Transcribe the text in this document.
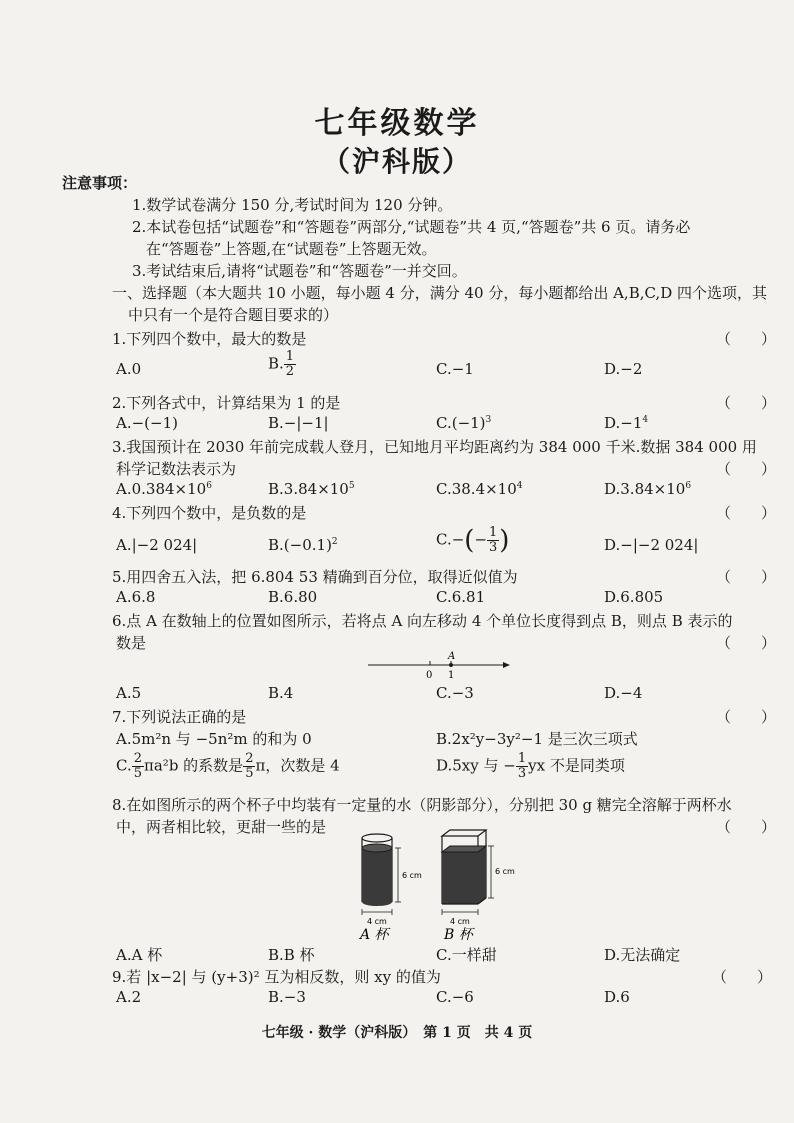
七年级数学
（沪科版）
注意事项：
1.数学试卷满分 150 分,考试时间为 120 分钟。
2.本试卷包括“试题卷”和“答题卷”两部分,“试题卷”共 4 页,“答题卷”共 6 页。请务必
在“答题卷”上答题,在“试题卷”上答题无效。
3.考试结束后,请将“试题卷”和“答题卷”一并交回。
一、选择题（本大题共 10 小题，每小题 4 分，满分 40 分，每小题都给出 A,B,C,D 四个选项，其
中只有一个是符合题目要求的）
1.下列四个数中，最大的数是	（　　）
A.0	B. $\frac{1}{2}$	C.−1	D.−2
2.下列各式中，计算结果为 1 的是	（　　）
A.−(−1)	B.−|−1|	$C.(-1)^3$	$D.-1^4$
3.我国预计在 2030 年前完成载人登月，已知地月平均距离约为 384 000 千米.数据 384 000 用
科学记数法表示为	（　　）
$A.0.384\times 10^6$	$B.3.84\times 10^5$	$C.38.4\times 10^4$	$D.3.84\times 10^6$
4.下列四个数中，是负数的是	（　　）
A.|−2 024|	$B.(-0.1)^2$	$C.-(- \frac{1}{3}$ )	D.−|−2 024|
5.用四舍五入法，把 6.804 53 精确到百分位，取得近似值为	（　　）
A.6.8	B.6.80	C.6.81	D.6.805
6.点 A 在数轴上的位置如图所示，若将点 A 向左移动 4 个单位长度得到点 B，则点 B 表示的
数是	（　　）
A
0 1
A.5	B.4	C.−3	D.−4
7.下列说法正确的是	（　　）
A.5m²n 与 −5n²m 的和为 0	B.2x²y−3y²−1 是三次三项式
C. $\frac{2}{5} \pi a^2b$ 的系数是 $\frac{2}{5}$ π，次数是 4	D.5xy 与 − $\frac{1}{3}$ yx 不是同类项
8.在如图所示的两个杯子中均装有一定量的水（阴影部分），分别把 30 g 糖完全溶解于两杯水
中，两者相比较，更甜一些的是	（　　）
6 cm
4 cm
A 杯
6 cm
4 cm
B 杯
A.A 杯	B.B 杯	C.一样甜	D.无法确定
9.若 |x−2| 与 (y+3)² 互为相反数，则 xy 的值为	（　　）
A.2	B.−3	C.−6	D.6
七年级 · 数学（沪科版）　第 1 页　共 4 页
